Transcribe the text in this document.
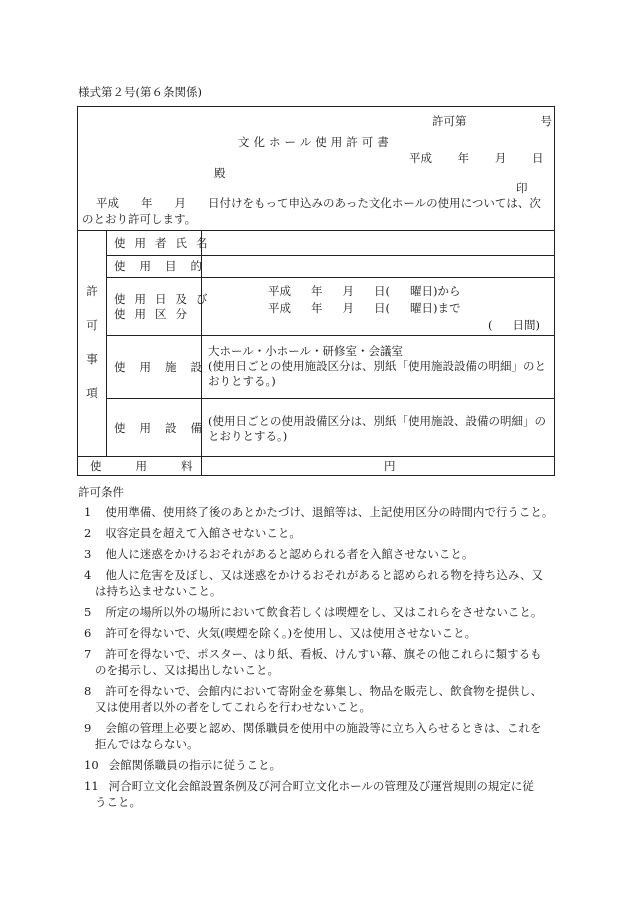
様式第２号(第６条関係)
許可第	号
文化ホール使用許可書
平成 年 月 日
殿
印
平成 年 月 日付けをもって申込みのあった文化ホールの使用については、次のとおり許可します。
許
可
事
項
使用者氏名
使用目的
使用日及び
使用区分
使用施設
使用設備
使用料
平成 年 月 日( 曜日)から
平成 年 月 日( 曜日)まで
( 日間)
大ホール・小ホール・研修室・会議室
(使用日ごとの使用施設区分は、別紙「使用施設設備の明細」のと
おりとする。)
(使用日ごとの使用設備区分は、別紙「使用施設、設備の明細」の
とおりとする。)
円
許可条件
1 使用準備、使用終了後のあとかたづけ、退館等は、上記使用区分の時間内で行うこと。
2 収容定員を超えて入館させないこと。
3 他人に迷惑をかけるおそれがあると認められる者を入館させないこと。
4 他人に危害を及ぼし、又は迷惑をかけるおそれがあると認められる物を持ち込み、又
は持ち込ませないこと。
5 所定の場所以外の場所において飲食若しくは喫煙をし、又はこれらをさせないこと。
6 許可を得ないで、火気(喫煙を除く。)を使用し、又は使用させないこと。
7 許可を得ないで、ポスター、はり紙、看板、けんすい幕、旗その他これらに類するも
のを掲示し、又は掲出しないこと。
8 許可を得ないで、会館内において寄附金を募集し、物品を販売し、飲食物を提供し、
又は使用者以外の者をしてこれらを行わせないこと。
9 会館の管理上必要と認め、関係職員を使用中の施設等に立ち入らせるときは、これを
拒んではならない。
10 会館関係職員の指示に従うこと。
11 河合町立文化会館設置条例及び河合町立文化ホールの管理及び運営規則の規定に従
うこと。
